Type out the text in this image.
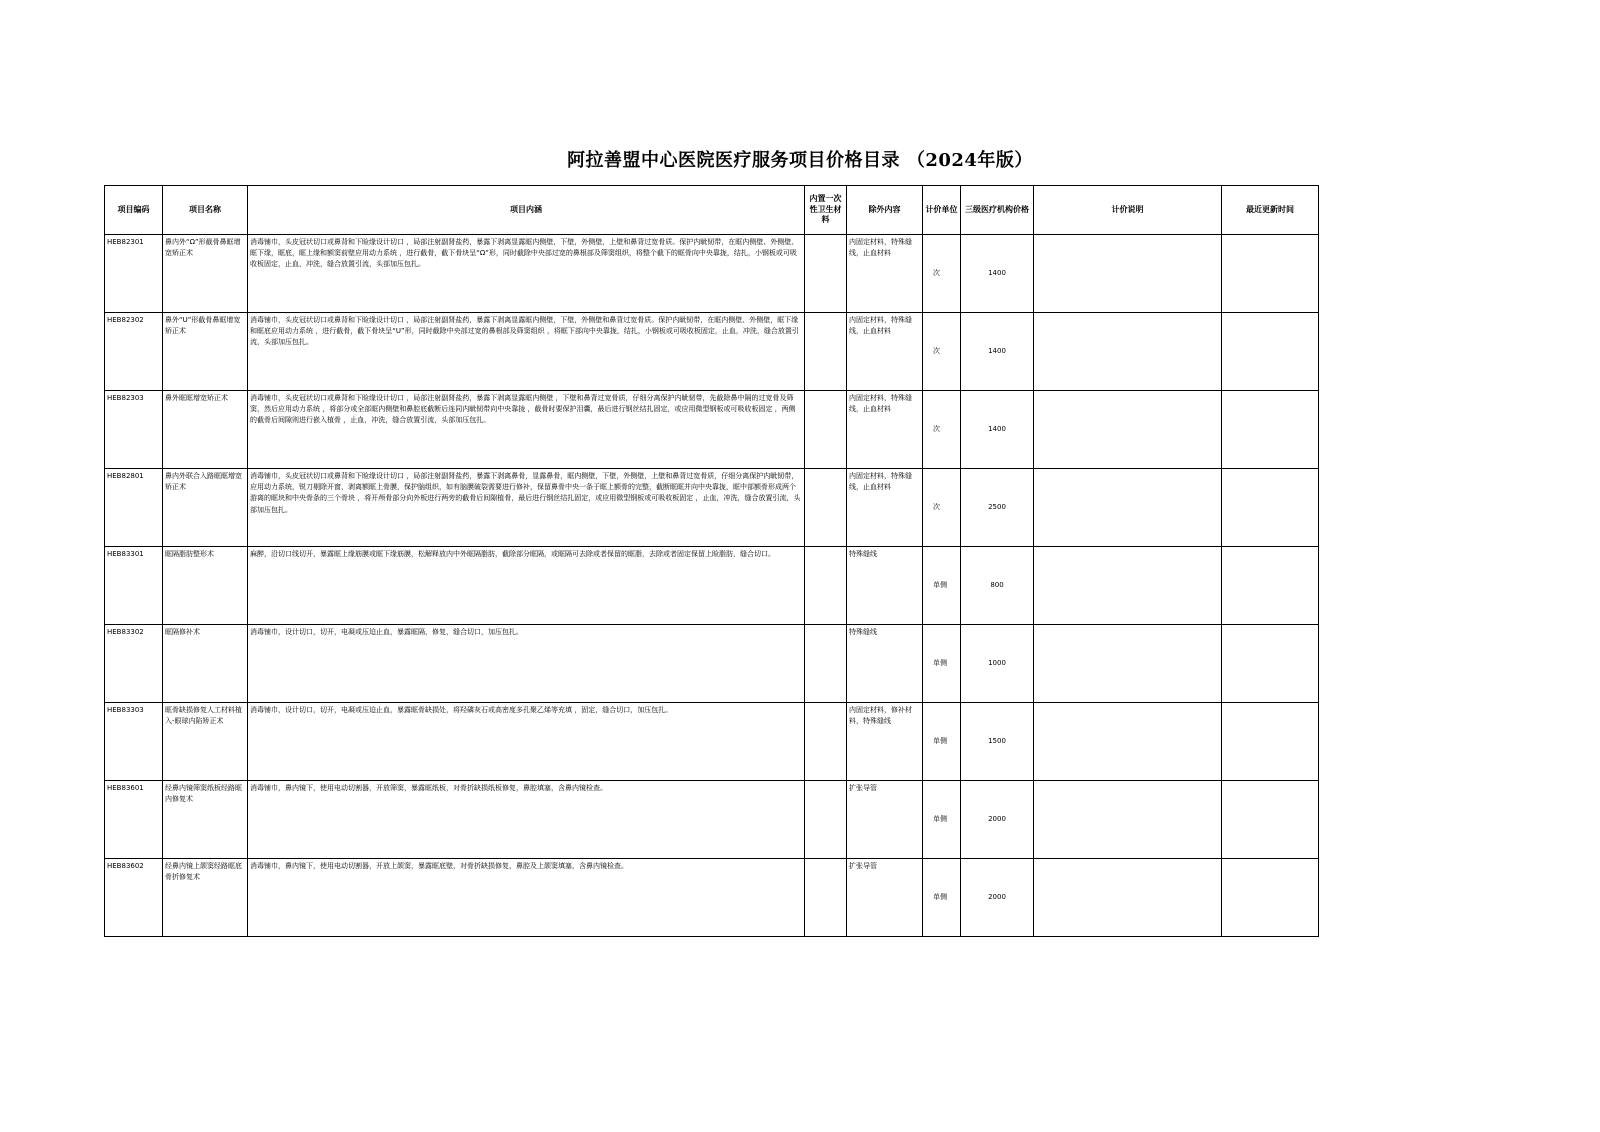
阿拉善盟中心医院医疗服务项目价格目录 （2024年版）
项目编码	项目名称	项目内涵	内置一次性卫生材料	除外内容	计价单位	三级医疗机构价格	计价说明	最近更新时间
HEB82301	鼻内外“Ω”形截骨鼻眶增宽矫正术	消毒铺巾，头皮冠状切口或鼻背和下睑缘设计切口 ，局部注射副肾盐药，暴露下剥离显露眶内侧壁，下壁，外侧壁，上壁和鼻背过宽骨质。保护内眦韧带，在眶内侧壁、外侧壁、眶下缘，眶底，眶上缘和额窦前壁应用动力系统 ，进行截骨，截下骨块呈“Ω”形，同时截除中央部过宽的鼻根部及筛窦组织，将整个截下的眶骨向中央靠拢，结扎，小钢板或可吸收板固定，止血，冲洗，缝合放置引流，头部加压包扎。		内固定材料，特殊缝线，止血材料	次	1400		
HEB82302	鼻外“U”形截骨鼻眶增宽矫正术	消毒铺巾，头皮冠状切口或鼻背和下睑缘设计切口 ，局部注射副肾盐药，暴露下剥离显露眶内侧壁，下壁，外侧壁和鼻背过宽骨质。保护内眦韧带，在眶内侧壁、外侧壁，眶下缘和眶底应用动力系统 ，进行截骨，截下骨块呈“U”形，同时截除中央部过宽的鼻根部及筛窦组织 ，将眶下部向中央靠拢，结扎，小钢板或可吸收板固定，止血，冲洗，缝合放置引流，头部加压包扎。		内固定材料，特殊缝线，止血材料	次	1400		
HEB82303	鼻外眶眶增宽矫正术	消毒铺巾，头皮冠状切口或鼻背和下睑缘设计切口 ，局部注射副肾盐药，暴露下剥离显露眶内侧壁 ，下壁和鼻背过宽骨质，仔细分离保护内眦韧带，先截除鼻中隔的过宽骨及筛窦，然后应用动力系统 ，将部分或全部眶内侧壁和鼻腔底截断后连同内眦韧带向中央靠拢 ，截骨时要保护泪囊，最后进行钢丝结扎固定，或应用微型钢板或可吸收板固定 ，两侧的截骨后间隙则进行嵌入植骨 ，止血，冲洗，缝合放置引流，头部加压包扎。		内固定材料，特殊缝线，止血材料	次	1400		
HEB82801	鼻内外联合入路眶眶增宽矫正术	消毒铺巾，头皮冠状切口或鼻背和下睑缘设计切口 ，局部注射副肾盐药，暴露下剥离鼻骨，显露鼻骨，眶内侧壁，下壁，外侧壁，上壁和鼻背过宽骨质，仔细分离保护内眦韧带，应用动力系统，锐刀剔除开窗，剥离额眶上骨膜，保护脑组织，如有脑膜破裂需要进行修补，保留鼻骨中央一条于眶上额骨的完整，截断眶眶并向中央靠拢，眶中部额骨形成两个游离的眶块和中央骨条的三个骨块 ，将开颅骨部分向外板进行两旁的截骨后间隙植骨，最后进行钢丝结扎固定，或应用微型钢板或可吸收板固定 ，止血，冲洗，缝合放置引流，头部加压包扎。		内固定材料，特殊缝线，止血材料	次	2500		
HEB83301	眶隔脂肪整形术	麻醉，沿切口线切开，暴露眶上缘筋膜或眶下缘筋膜，松解释放内中外眶隔脂肪，截除部分眶隔，或眶隔可去除或者保留的眶脂，去除或者固定保留上睑脂肪，缝合切口。		特殊缝线	单侧	800		
HEB83302	眶隔修补术	消毒铺巾，设计切口，切开，电凝或压迫止血，暴露眶隔，修复，缝合切口，加压包扎。		特殊缝线	单侧	1000		
HEB83303	眶骨缺损修复人工材料植入-眼球内陷矫正术	消毒铺巾，设计切口，切开，电凝或压迫止血，暴露眶骨缺损处，将羟磷灰石或高密度多孔聚乙烯等充填 ，固定，缝合切口，加压包扎。		内固定材料，修补材料，特殊缝线	单侧	1500		
HEB83601	经鼻内镜筛窦纸板经路眶内修复术	消毒铺巾，鼻内镜下，使用电动切割器，开放筛窦，暴露眶纸板，对骨折缺损纸板修复，鼻腔填塞，含鼻内镜检查。		扩张导管	单侧	2000		
HEB83602	经鼻内镜上颌窦经路眶底骨折修复术	消毒铺巾，鼻内镜下，使用电动切割器，开放上颌窦，暴露眶底壁，对骨折缺损修复，鼻腔及上颌窦填塞，含鼻内镜检查。		扩张导管	单侧	2000		
